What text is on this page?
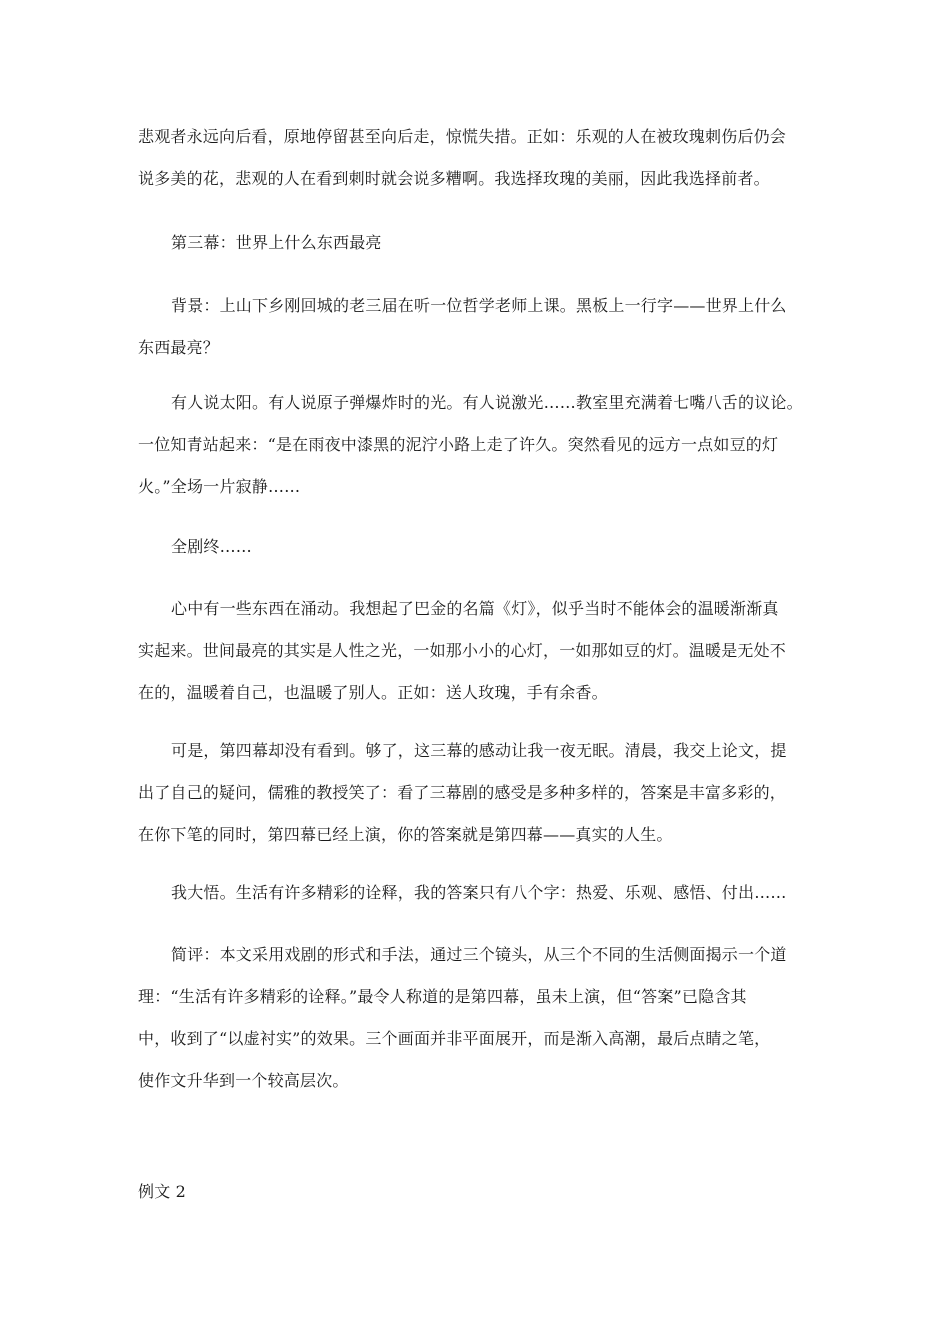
悲观者永远向后看，原地停留甚至向后走，惊慌失措。正如：乐观的人在被玫瑰刺伤后仍会
说多美的花，悲观的人在看到刺时就会说多糟啊。我选择玫瑰的美丽，因此我选择前者。

第三幕：世界上什么东西最亮

背景：上山下乡刚回城的老三届在听一位哲学老师上课。黑板上一行字——世界上什么
东西最亮？

有人说太阳。有人说原子弹爆炸时的光。有人说激光……教室里充满着七嘴八舌的议论。
一位知青站起来：“是在雨夜中漆黑的泥泞小路上走了许久。突然看见的远方一点如豆的灯
火。”全场一片寂静……

全剧终……

心中有一些东西在涌动。我想起了巴金的名篇《灯》，似乎当时不能体会的温暖渐渐真
实起来。世间最亮的其实是人性之光，一如那小小的心灯，一如那如豆的灯。温暖是无处不
在的，温暖着自己，也温暖了别人。正如：送人玫瑰，手有余香。

可是，第四幕却没有看到。够了，这三幕的感动让我一夜无眠。清晨，我交上论文，提
出了自己的疑问，儒雅的教授笑了：看了三幕剧的感受是多种多样的，答案是丰富多彩的，
在你下笔的同时，第四幕已经上演，你的答案就是第四幕——真实的人生。

我大悟。生活有许多精彩的诠释，我的答案只有八个字：热爱、乐观、感悟、付出……

简评：本文采用戏剧的形式和手法，通过三个镜头，从三个不同的生活侧面揭示一个道
理：“生活有许多精彩的诠释。”最令人称道的是第四幕，虽未上演，但“答案”已隐含其
中，收到了“以虚衬实”的效果。三个画面并非平面展开，而是渐入高潮，最后点睛之笔，
使作文升华到一个较高层次。

例文 2
